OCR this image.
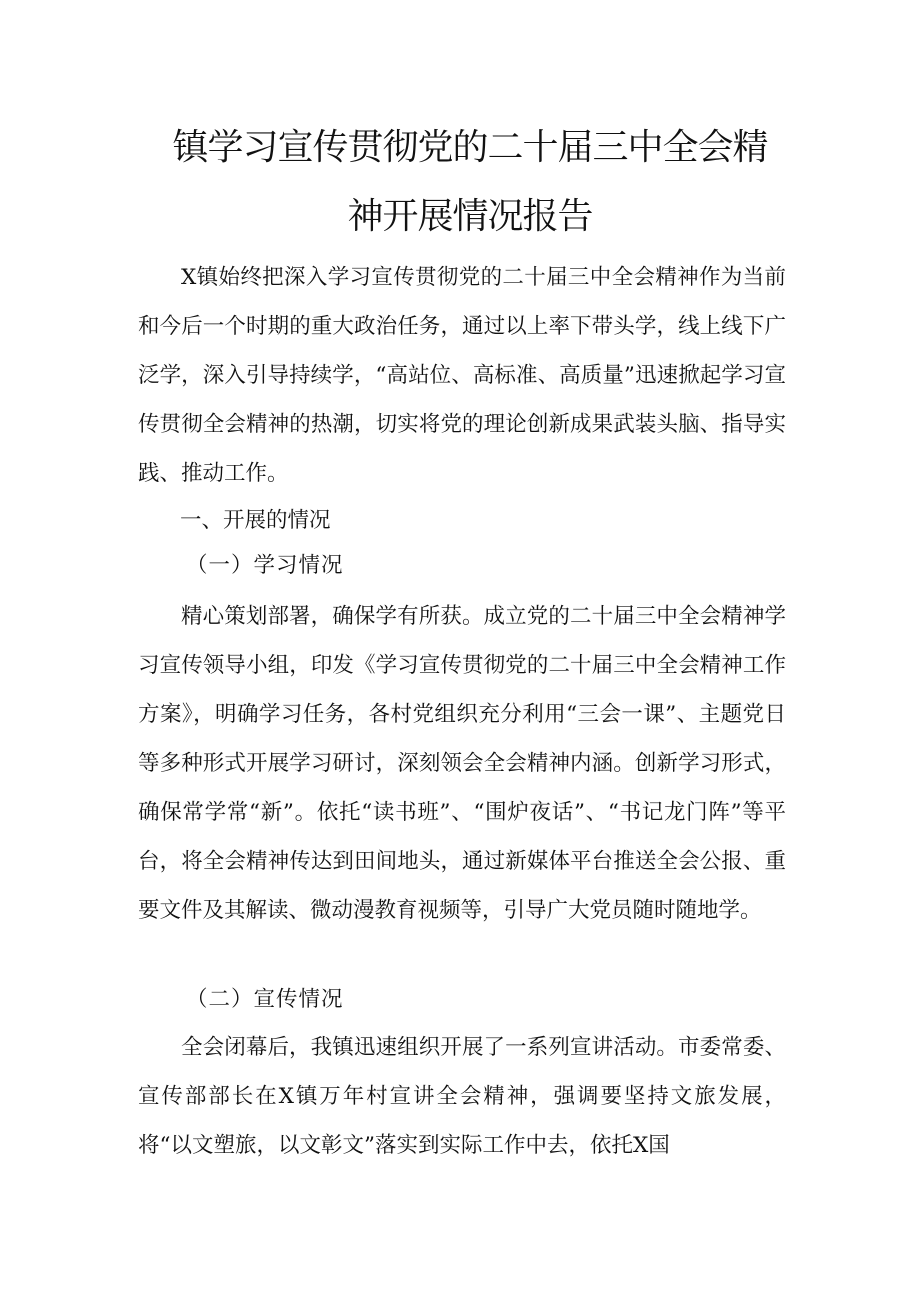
镇学习宣传贯彻党的二十届三中全会精
神开展情况报告

X镇始终把深入学习宣传贯彻党的二十届三中全会精神作为当前和今后一个时期的重大政治任务，通过以上率下带头学，线上线下广泛学，深入引导持续学，“高站位、高标准、高质量”迅速掀起学习宣传贯彻全会精神的热潮，切实将党的理论创新成果武装头脑、指导实践、推动工作。

一、开展的情况
（一）学习情况

精心策划部署，确保学有所获。成立党的二十届三中全会精神学习宣传领导小组，印发《学习宣传贯彻党的二十届三中全会精神工作方案》，明确学习任务，各村党组织充分利用“三会一课”、主题党日等多种形式开展学习研讨，深刻领会全会精神内涵。创新学习形式，确保常学常“新”。依托“读书班”、“围炉夜话”、“书记龙门阵”等平台，将全会精神传达到田间地头，通过新媒体平台推送全会公报、重要文件及其解读、微动漫教育视频等，引导广大党员随时随地学。

（二）宣传情况

全会闭幕后，我镇迅速组织开展了一系列宣讲活动。市委常委、宣传部部长在X镇万年村宣讲全会精神，强调要坚持文旅发展，将“以文塑旅，以文彰文”落实到实际工作中去，依托X国
